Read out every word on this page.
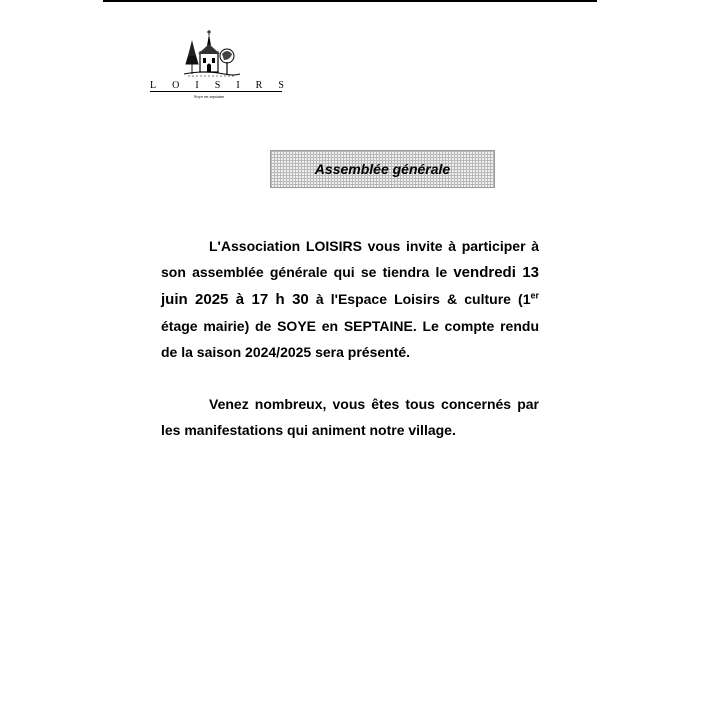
L O I S I R S
Soye en septaine
Assemblée générale

L'Association LOISIRS vous invite à participer à son assemblée générale qui se tiendra le vendredi 13 juin 2025 à 17 h 30 à l'Espace Loisirs & culture (1er étage mairie) de SOYE en SEPTAINE. Le compte rendu de la saison 2024/2025 sera présenté.

Venez nombreux, vous êtes tous concernés par les manifestations qui animent notre village.
